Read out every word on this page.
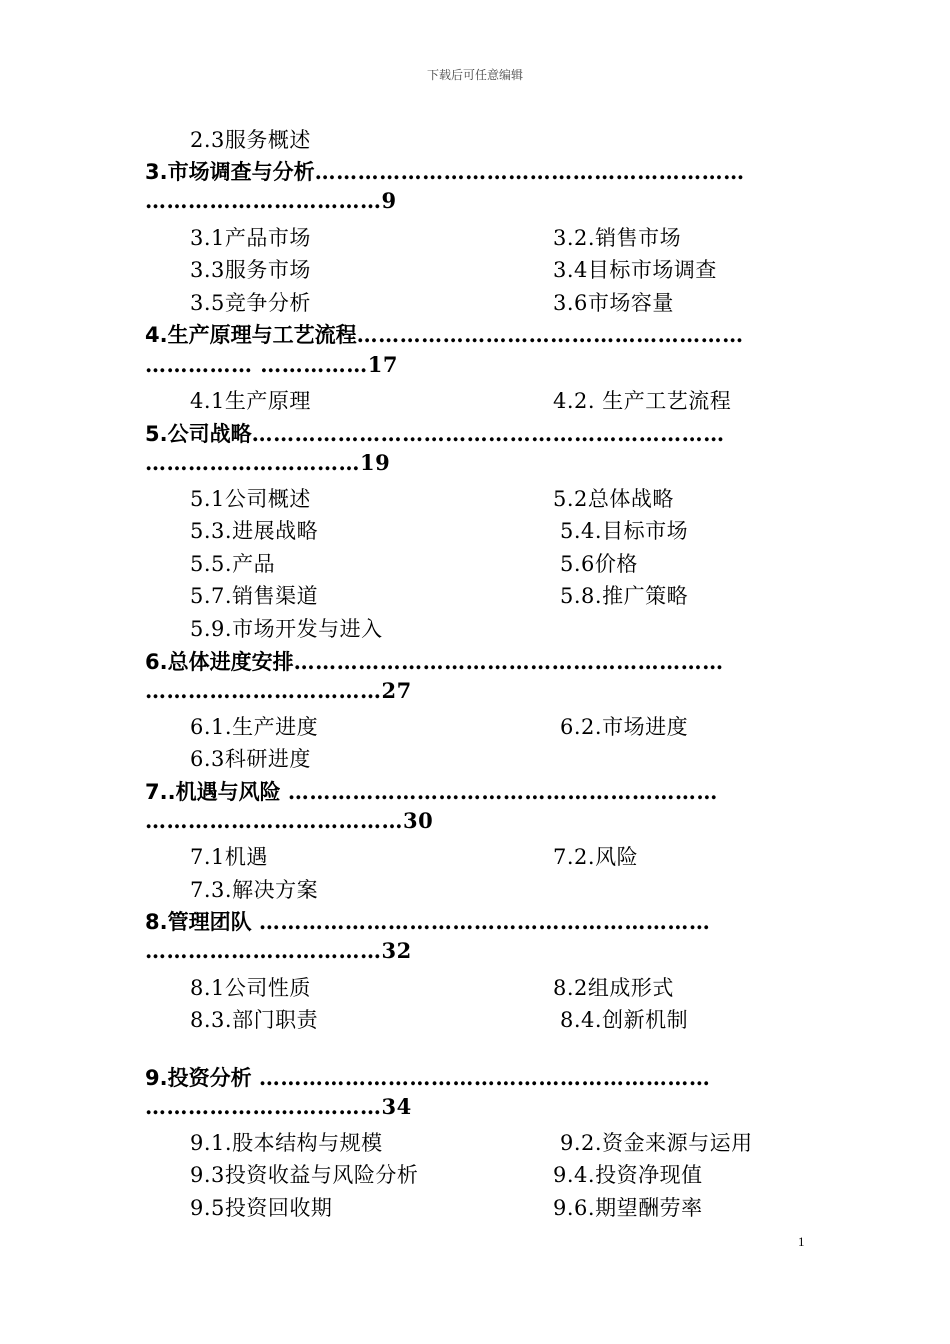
下载后可任意编辑
2.3服务概述
3.市场调查与分析……………………………………………………
……………………………9
3.1产品市场	3.2.销售市场
3.3服务市场	3.4目标市场调查
3.5竞争分析	3.6市场容量
4.生产原理与工艺流程………………………………………………
…………… ……………17
4.1生产原理	4.2. 生产工艺流程
5.公司战略…………………………………………………………
…………………………19
5.1公司概述	5.2总体战略
5.3.进展战略	5.4.目标市场
5.5.产品	5.6价格
5.7.销售渠道	5.8.推广策略
5.9.市场开发与进入
6.总体进度安排……………………………………………………
……………………………27
6.1.生产进度	6.2.市场进度
6.3科研进度
7..机遇与风险 ……………………………………………………
………………………………30
7.1机遇	7.2.风险
7.3.解决方案
8.管理团队 ………………………………………………………
……………………………32
8.1公司性质	8.2组成形式
8.3.部门职责	8.4.创新机制
9.投资分析 ………………………………………………………
……………………………34
9.1.股本结构与规模	9.2.资金来源与运用
9.3投资收益与风险分析	9.4.投资净现值
9.5投资回收期	9.6.期望酬劳率
1
